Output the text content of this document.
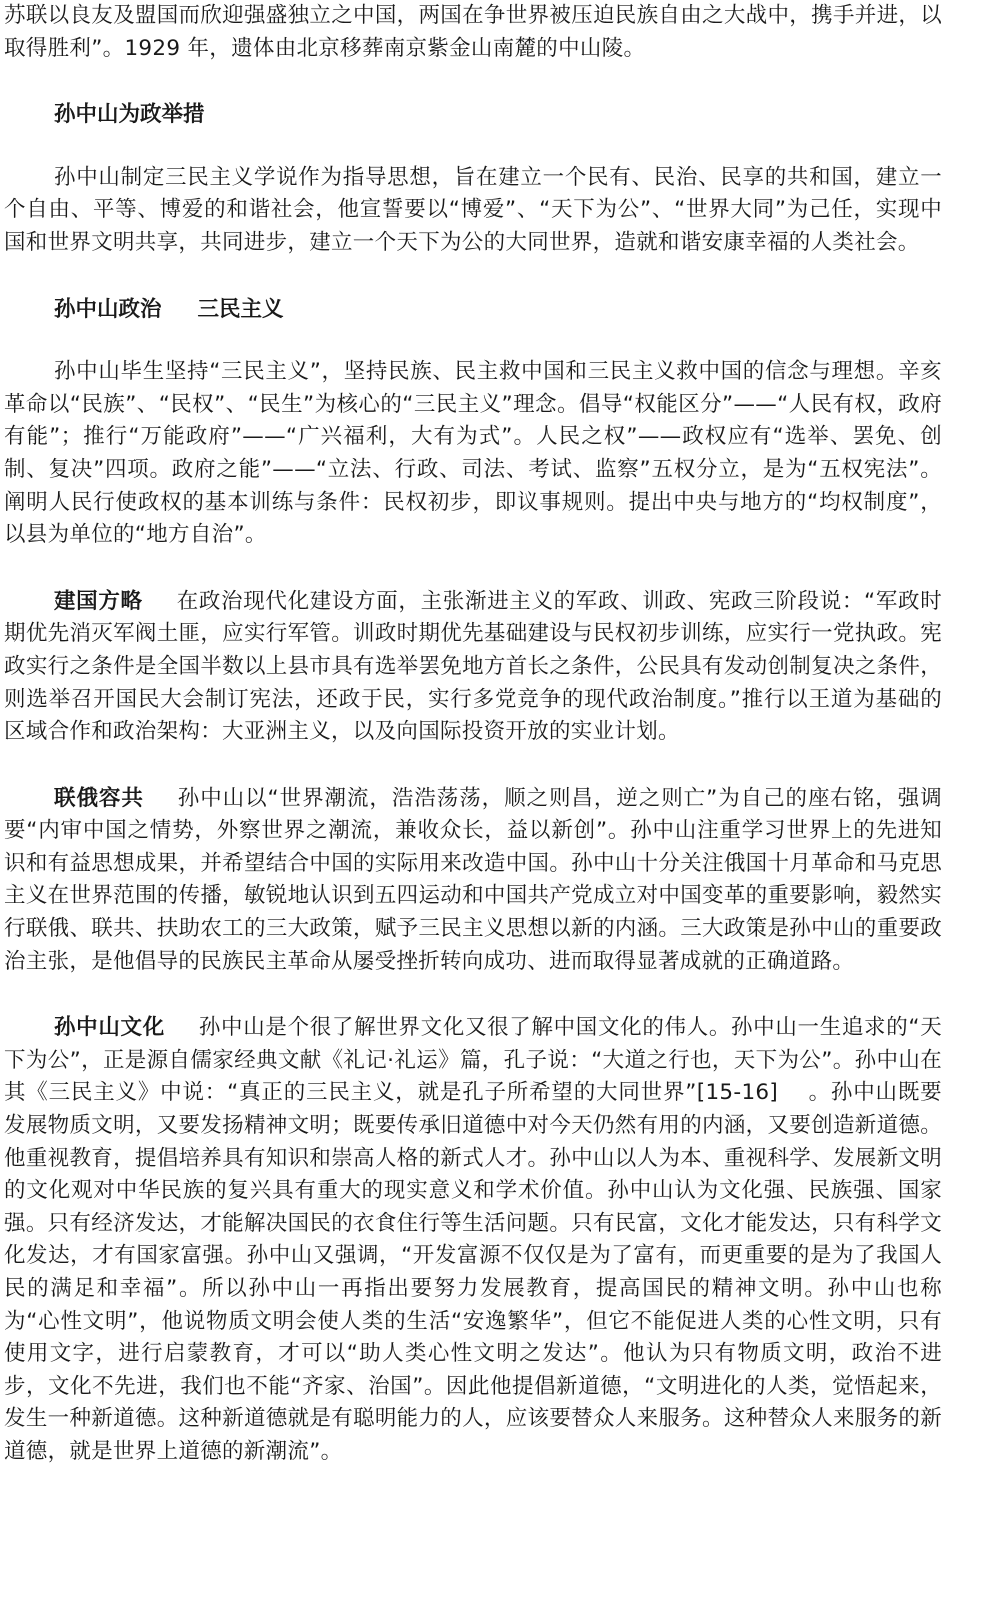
苏联以良友及盟国而欣迎强盛独立之中国，两国在争世界被压迫民族自由之大战中，携手并进，以取得胜利”。1929 年，遗体由北京移葬南京紫金山南麓的中山陵。

孙中山为政举措

孙中山制定三民主义学说作为指导思想，旨在建立一个民有、民治、民享的共和国，建立一个自由、平等、博爱的和谐社会，他宣誓要以“博爱”、“天下为公”、“世界大同”为己任，实现中国和世界文明共享，共同进步，建立一个天下为公的大同世界，造就和谐安康幸福的人类社会。

孙中山政治 三民主义

孙中山毕生坚持“三民主义”，坚持民族、民主救中国和三民主义救中国的信念与理想。辛亥革命以“民族”、“民权”、“民生”为核心的“三民主义”理念。倡导“权能区分”——“人民有权，政府有能”；推行“万能政府”——“广兴福利，大有为式”。人民之权”——政权应有“选举、罢免、创制、复决”四项。政府之能”——“立法、行政、司法、考试、监察”五权分立，是为“五权宪法”。阐明人民行使政权的基本训练与条件：民权初步，即议事规则。提出中央与地方的“均权制度”，以县为单位的“地方自治”。

建国方略 在政治现代化建设方面，主张渐进主义的军政、训政、宪政三阶段说：“军政时期优先消灭军阀土匪，应实行军管。训政时期优先基础建设与民权初步训练，应实行一党执政。宪政实行之条件是全国半数以上县市具有选举罢免地方首长之条件，公民具有发动创制复决之条件，则选举召开国民大会制订宪法，还政于民，实行多党竞争的现代政治制度。”推行以王道为基础的区域合作和政治架构：大亚洲主义，以及向国际投资开放的实业计划。

联俄容共 孙中山以“世界潮流，浩浩荡荡，顺之则昌，逆之则亡”为自己的座右铭，强调要“内审中国之情势，外察世界之潮流，兼收众长，益以新创”。孙中山注重学习世界上的先进知识和有益思想成果，并希望结合中国的实际用来改造中国。孙中山十分关注俄国十月革命和马克思主义在世界范围的传播，敏锐地认识到五四运动和中国共产党成立对中国变革的重要影响，毅然实行联俄、联共、扶助农工的三大政策，赋予三民主义思想以新的内涵。三大政策是孙中山的重要政治主张，是他倡导的民族民主革命从屡受挫折转向成功、进而取得显著成就的正确道路。

孙中山文化 孙中山是个很了解世界文化又很了解中国文化的伟人。孙中山一生追求的“天下为公”，正是源自儒家经典文献《礼记·礼运》篇，孔子说：“大道之行也，天下为公”。孙中山在其《三民主义》中说：“真正的三民主义，就是孔子所希望的大同世界”[15-16] 。孙中山既要发展物质文明，又要发扬精神文明；既要传承旧道德中对今天仍然有用的内涵，又要创造新道德。他重视教育，提倡培养具有知识和崇高人格的新式人才。孙中山以人为本、重视科学、发展新文明的文化观对中华民族的复兴具有重大的现实意义和学术价值。孙中山认为文化强、民族强、国家强。只有经济发达，才能解决国民的衣食住行等生活问题。只有民富，文化才能发达，只有科学文化发达，才有国家富强。孙中山又强调，“开发富源不仅仅是为了富有，而更重要的是为了我国人民的满足和幸福”。所以孙中山一再指出要努力发展教育，提高国民的精神文明。孙中山也称为“心性文明”，他说物质文明会使人类的生活“安逸繁华”，但它不能促进人类的心性文明，只有使用文字，进行启蒙教育，才可以“助人类心性文明之发达”。他认为只有物质文明，政治不进步，文化不先进，我们也不能“齐家、治国”。因此他提倡新道德，“文明进化的人类，觉悟起来，发生一种新道德。这种新道德就是有聪明能力的人，应该要替众人来服务。这种替众人来服务的新道德，就是世界上道德的新潮流”。
